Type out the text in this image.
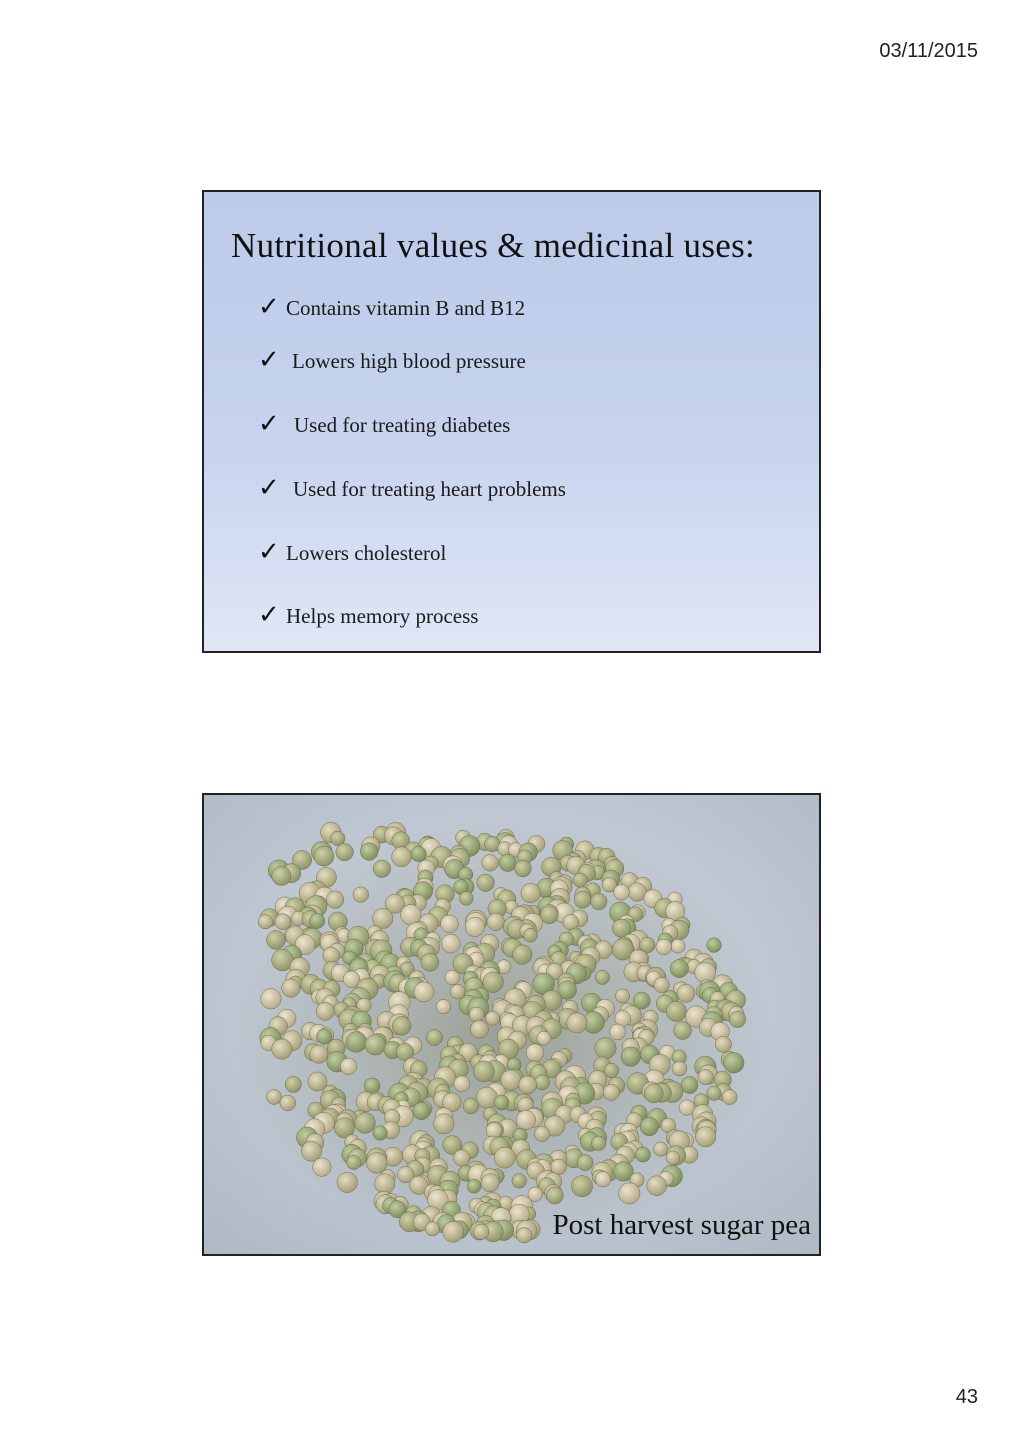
03/11/2015
Nutritional values & medicinal uses:
✓ Contains vitamin B and B12
✓ Lowers high blood pressure
✓ Used for treating diabetes
✓ Used for treating heart problems
✓ Lowers cholesterol
✓ Helps memory process
Post harvest sugar pea
43
